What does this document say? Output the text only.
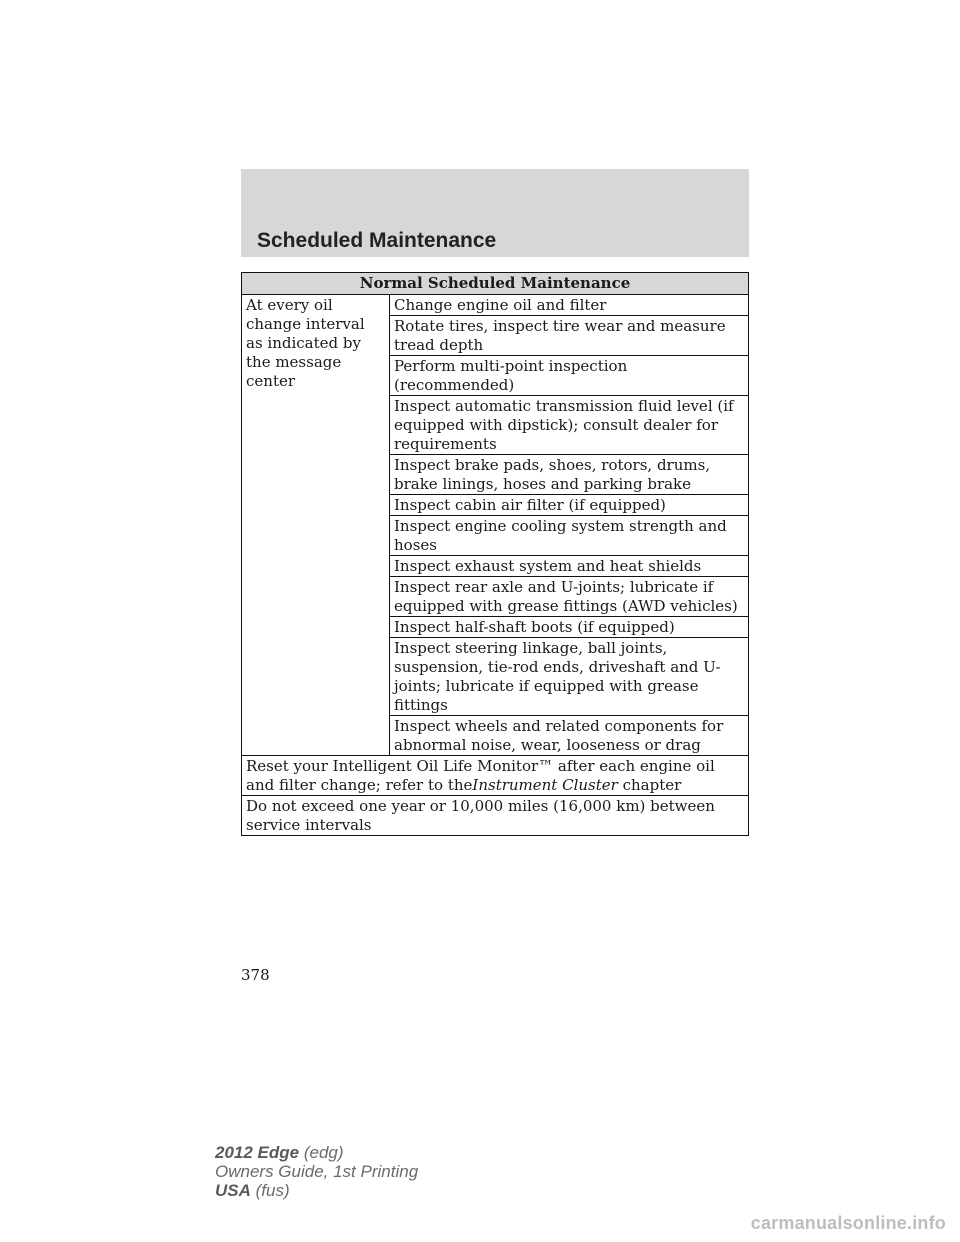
Scheduled Maintenance
Normal Scheduled Maintenance
At every oil change interval as indicated by the message center	Change engine oil and filter
Rotate tires, inspect tire wear and measure tread depth
Perform multi-point inspection (recommended)
Inspect automatic transmission fluid level (if equipped with dipstick); consult dealer for requirements
Inspect brake pads, shoes, rotors, drums, brake linings, hoses and parking brake
Inspect cabin air filter (if equipped)
Inspect engine cooling system strength and hoses
Inspect exhaust system and heat shields
Inspect rear axle and U-joints; lubricate if equipped with grease fittings (AWD vehicles)
Inspect half-shaft boots (if equipped)
Inspect steering linkage, ball joints, suspension, tie-rod ends, driveshaft and U-joints; lubricate if equipped with grease fittings
Inspect wheels and related components for abnormal noise, wear, looseness or drag
Reset your Intelligent Oil Life Monitor™ after each engine oil and filter change; refer to theInstrument Cluster chapter
Do not exceed one year or 10,000 miles (16,000 km) between service intervals
378

2012 Edge (edg)
Owners Guide, 1st Printing
USA (fus)

carmanualsonline.info
